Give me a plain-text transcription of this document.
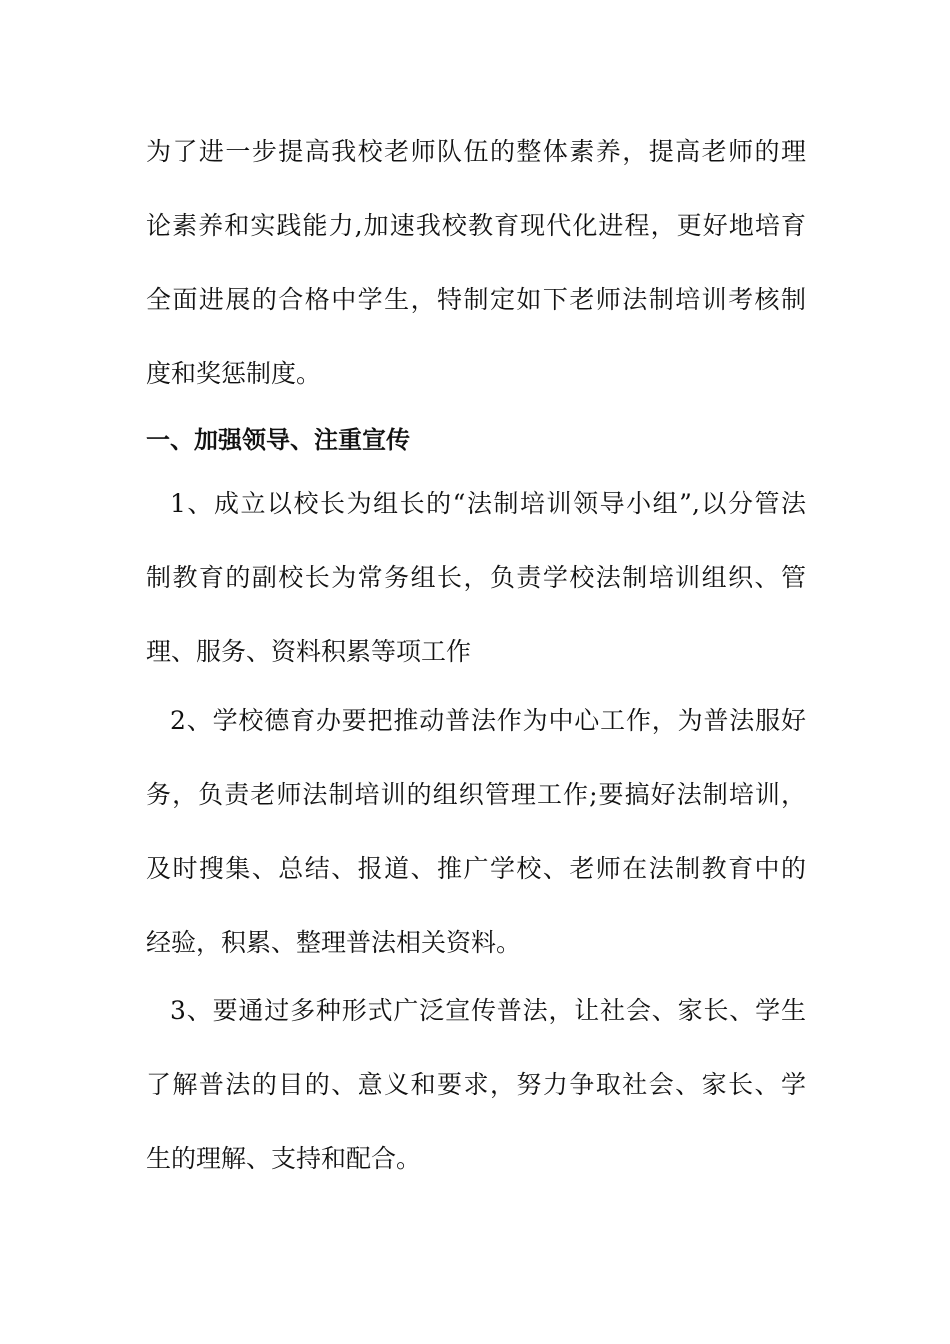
为了进一步提高我校老师队伍的整体素养，提高老师的理
论素养和实践能力,加速我校教育现代化进程，更好地培育
全面进展的合格中学生，特制定如下老师法制培训考核制
度和奖惩制度。
一、加强领导、注重宣传
1、成立以校长为组长的“法制培训领导小组”,以分管法
制教育的副校长为常务组长，负责学校法制培训组织、管
理、服务、资料积累等项工作
2、学校德育办要把推动普法作为中心工作，为普法服好
务，负责老师法制培训的组织管理工作;要搞好法制培训，
及时搜集、总结、报道、推广学校、老师在法制教育中的
经验，积累、整理普法相关资料。
3、要通过多种形式广泛宣传普法，让社会、家长、学生
了解普法的目的、意义和要求，努力争取社会、家长、学
生的理解、支持和配合。
